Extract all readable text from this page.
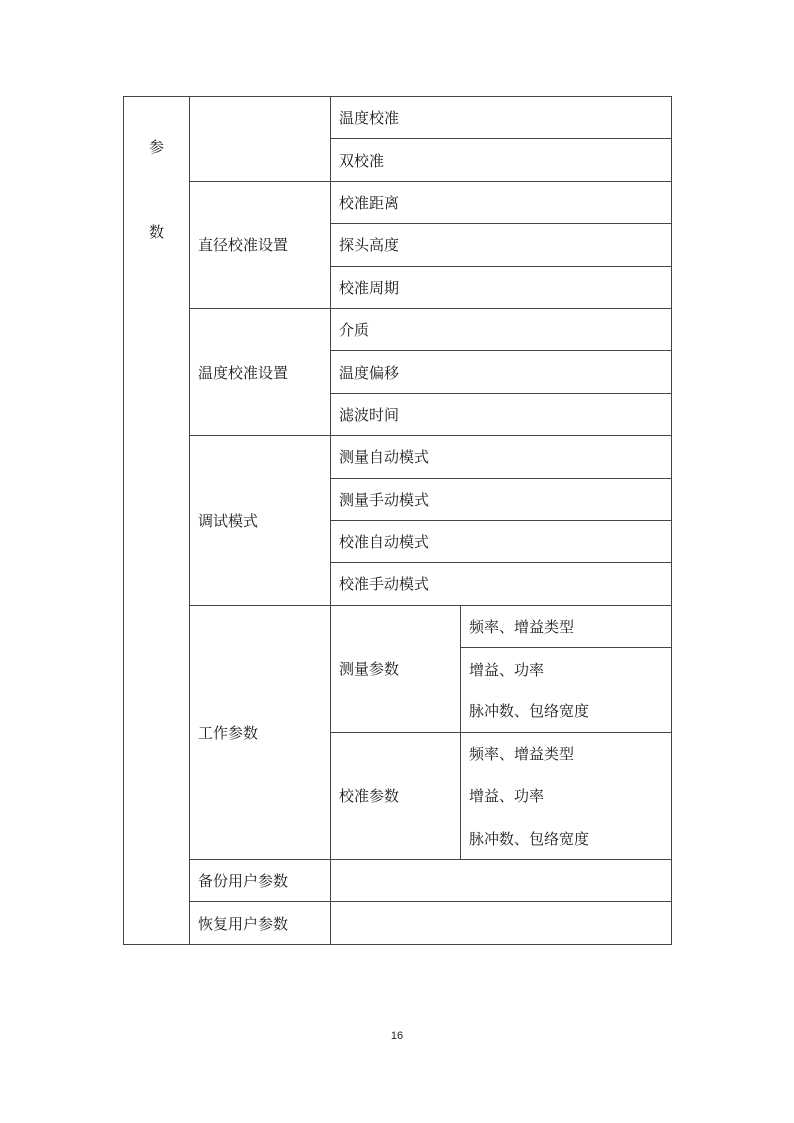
参数		温度校准	
		双校准	
	直径校准设置	校准距离	
		探头高度	
		校准周期	
	温度校准设置	介质	
		温度偏移	
		滤波时间	
	调试模式	测量自动模式	
		测量手动模式	
		校准自动模式	
		校准手动模式	
	工作参数	测量参数	频率、增益类型
			增益、功率
			脉冲数、包络宽度
		校准参数	频率、增益类型
			增益、功率
			脉冲数、包络宽度
	备份用户参数		
	恢复用户参数		
16
